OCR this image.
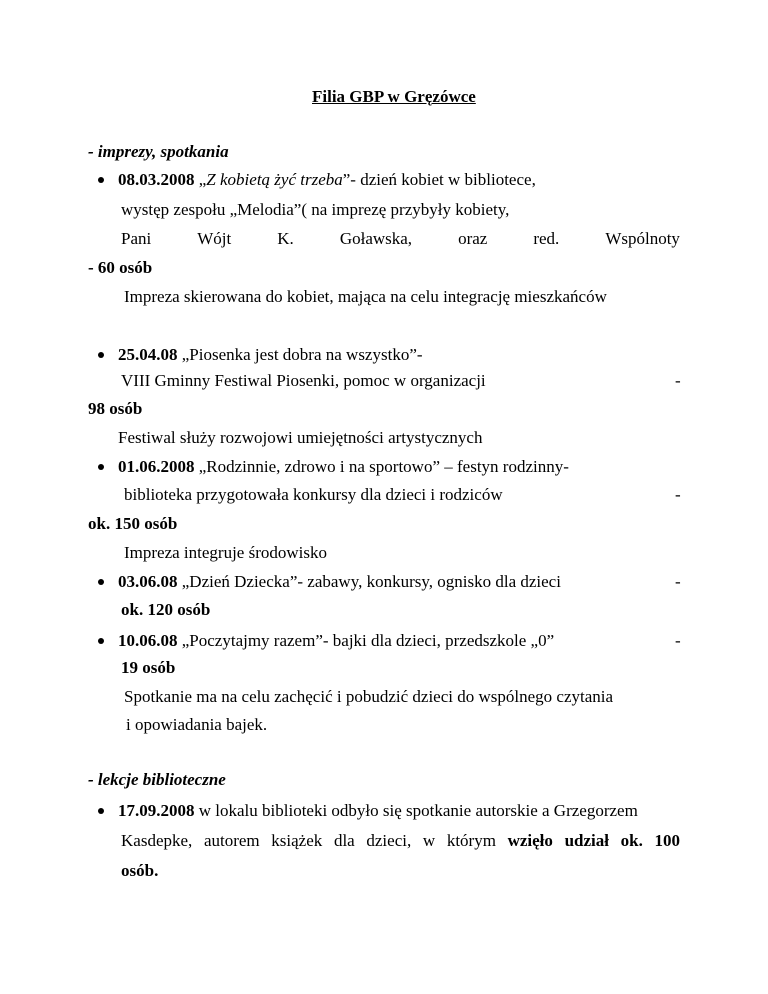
Filia GBP w Gręzówce
- imprezy, spotkania
08.03.2008 „Z kobietą żyć trzeba”- dzień kobiet w bibliotece,
występ zespołu „Melodia”( na imprezę przybyły kobiety,
Pani	Wójt	K.	Goławska,	oraz	red.	Wspólnoty
- 60 osób
Impreza skierowana do kobiet, mająca na celu integrację mieszkańców
25.04.08 „Piosenka jest dobra na wszystko”-
VIII Gminny Festiwal Piosenki, pomoc w organizacji	-
98 osób
Festiwal służy rozwojowi umiejętności artystycznych
01.06.2008 „Rodzinnie, zdrowo i na sportowo” – festyn rodzinny-
biblioteka przygotowała konkursy dla dzieci i rodziców	-
ok. 150 osób
Impreza integruje środowisko
03.06.08 „Dzień Dziecka”- zabawy, konkursy, ognisko dla dzieci	-
ok. 120 osób
10.06.08 „Poczytajmy razem”- bajki dla dzieci, przedszkole „0”	-
19 osób
Spotkanie ma na celu zachęcić i pobudzić dzieci do wspólnego czytania
i opowiadania bajek.
- lekcje biblioteczne
17.09.2008 w lokalu biblioteki odbyło się spotkanie autorskie a Grzegorzem
Kasdepke, autorem książek dla dzieci, w którym wzięło udział ok. 100
osób.
